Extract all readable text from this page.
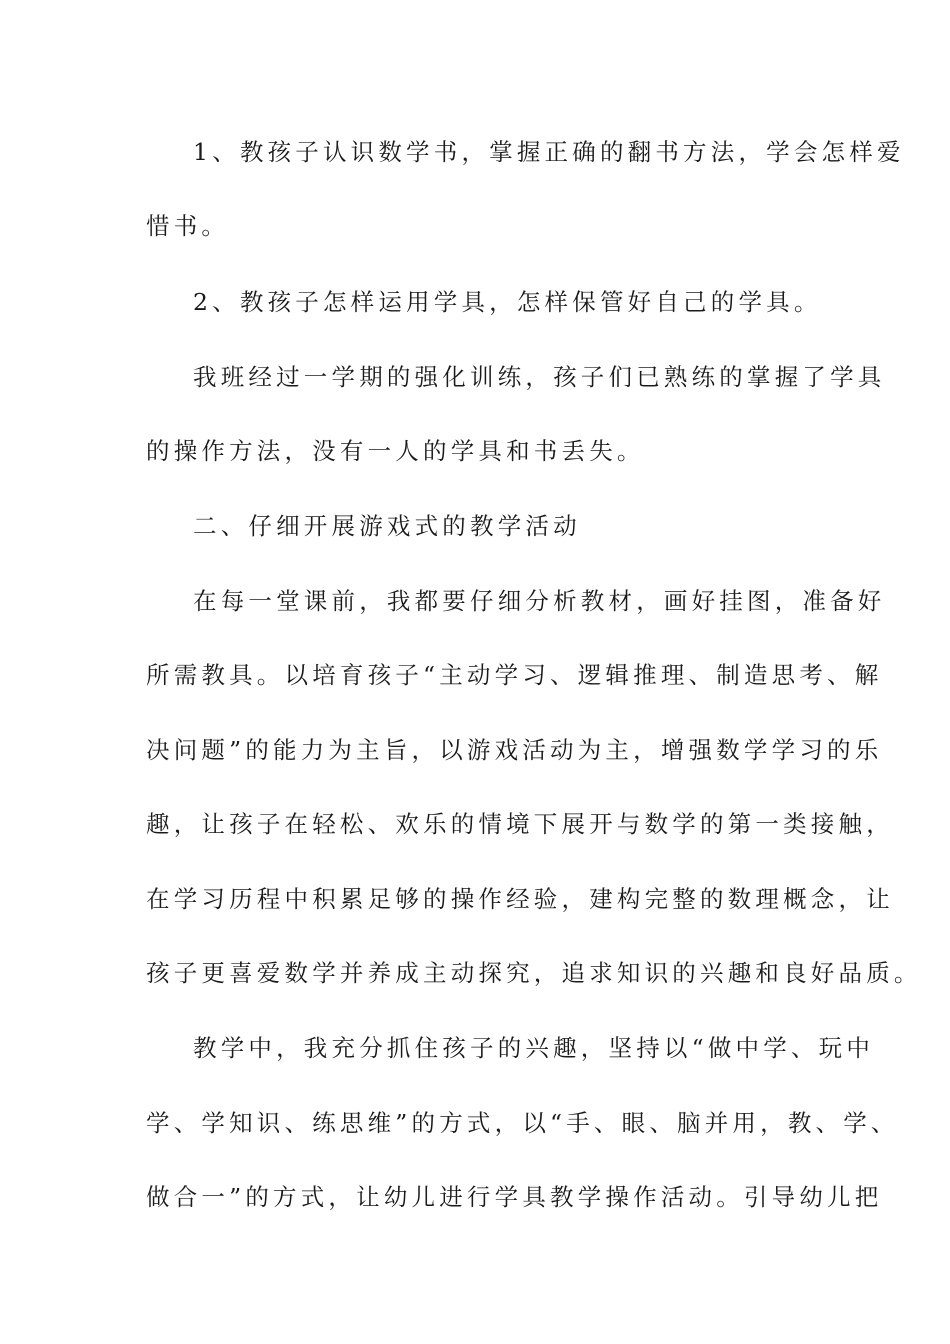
1、教孩子认识数学书，掌握正确的翻书方法，学会怎样爱
惜书。
2、教孩子怎样运用学具，怎样保管好自己的学具。
我班经过一学期的强化训练，孩子们已熟练的掌握了学具
的操作方法，没有一人的学具和书丢失。
二、仔细开展游戏式的教学活动
在每一堂课前，我都要仔细分析教材，画好挂图，准备好
所需教具。以培育孩子“主动学习、逻辑推理、制造思考、解
决问题”的能力为主旨，以游戏活动为主，增强数学学习的乐
趣，让孩子在轻松、欢乐的情境下展开与数学的第一类接触，
在学习历程中积累足够的操作经验，建构完整的数理概念，让
孩子更喜爱数学并养成主动探究，追求知识的兴趣和良好品质。
教学中，我充分抓住孩子的兴趣，坚持以“做中学、玩中
学、学知识、练思维”的方式，以“手、眼、脑并用，教、学、
做合一”的方式，让幼儿进行学具教学操作活动。引导幼儿把
